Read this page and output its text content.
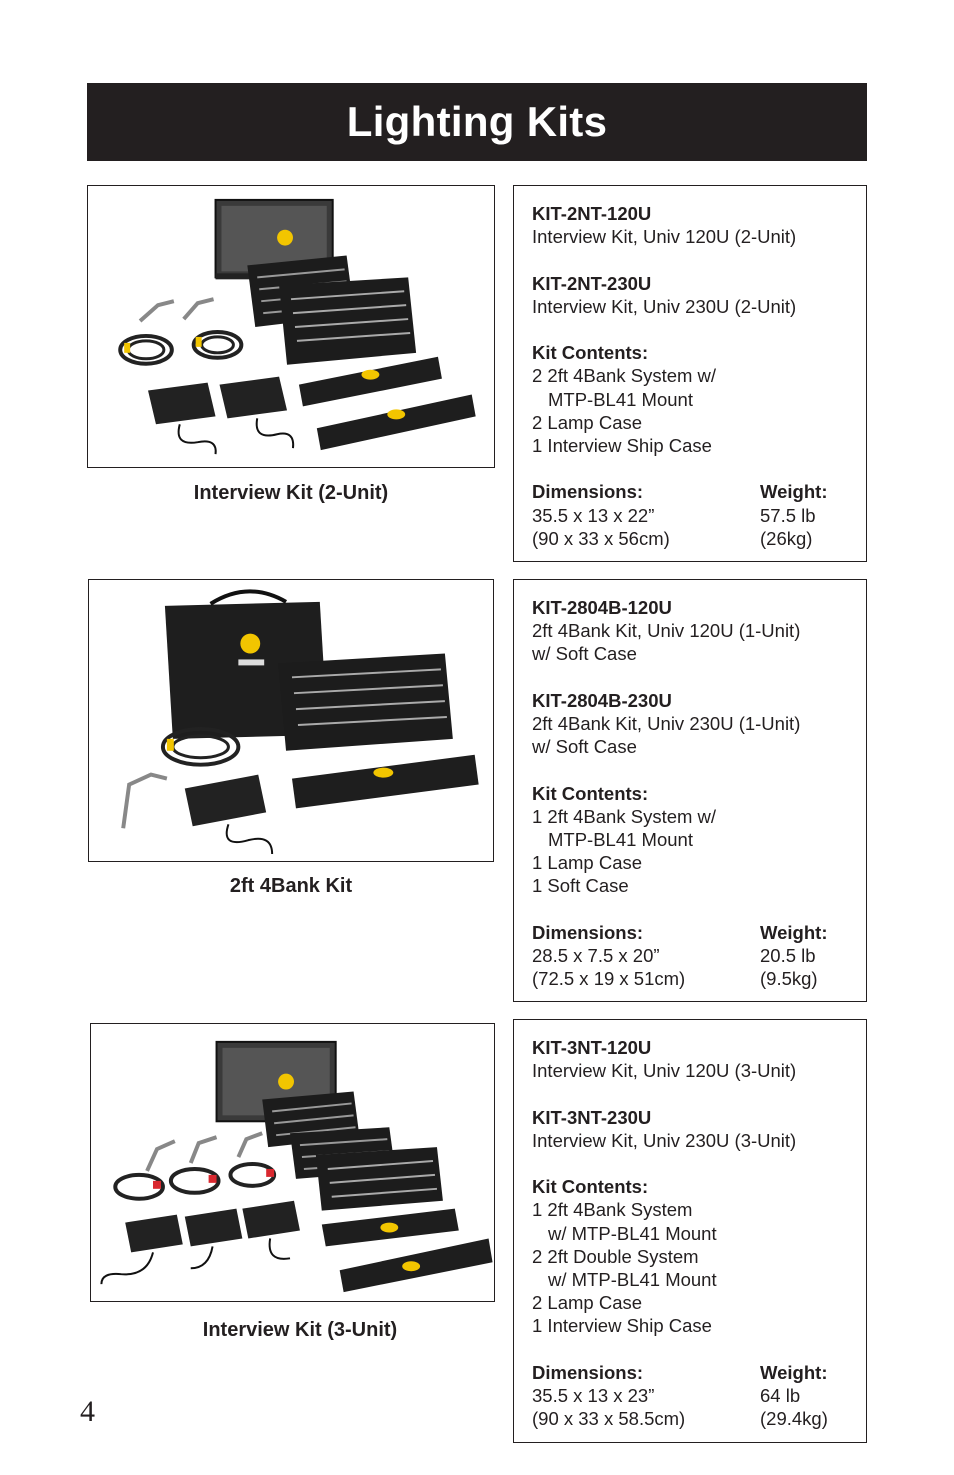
Lighting Kits
Interview Kit (2-Unit)
KIT-2NT-120U
Interview Kit, Univ 120U (2-Unit)
KIT-2NT-230U
Interview Kit, Univ 230U (2-Unit)
Kit Contents:
2 2ft 4Bank System w/
MTP-BL41 Mount
2 Lamp Case
1 Interview Ship Case
Dimensions:
35.5 x 13 x 22”
(90 x 33 x 56cm)
Weight:
57.5 lb
(26kg)
2ft 4Bank Kit
KIT-2804B-120U
2ft 4Bank Kit, Univ 120U (1-Unit)
w/ Soft Case
KIT-2804B-230U
2ft 4Bank Kit, Univ 230U (1-Unit)
w/ Soft Case
Kit Contents:
1 2ft 4Bank System w/
MTP-BL41 Mount
1 Lamp Case
1 Soft Case
Dimensions:
28.5 x 7.5 x 20”
(72.5 x 19 x 51cm)
Weight:
20.5 lb
(9.5kg)
Interview Kit (3-Unit)
KIT-3NT-120U
Interview Kit, Univ 120U (3-Unit)
KIT-3NT-230U
Interview Kit, Univ 230U (3-Unit)
Kit Contents:
1 2ft 4Bank System
w/ MTP-BL41 Mount
2 2ft Double System
w/ MTP-BL41 Mount
2 Lamp Case
1 Interview Ship Case
Dimensions:
35.5 x 13 x 23”
(90 x 33 x 58.5cm)
Weight:
64 lb
(29.4kg)
4
